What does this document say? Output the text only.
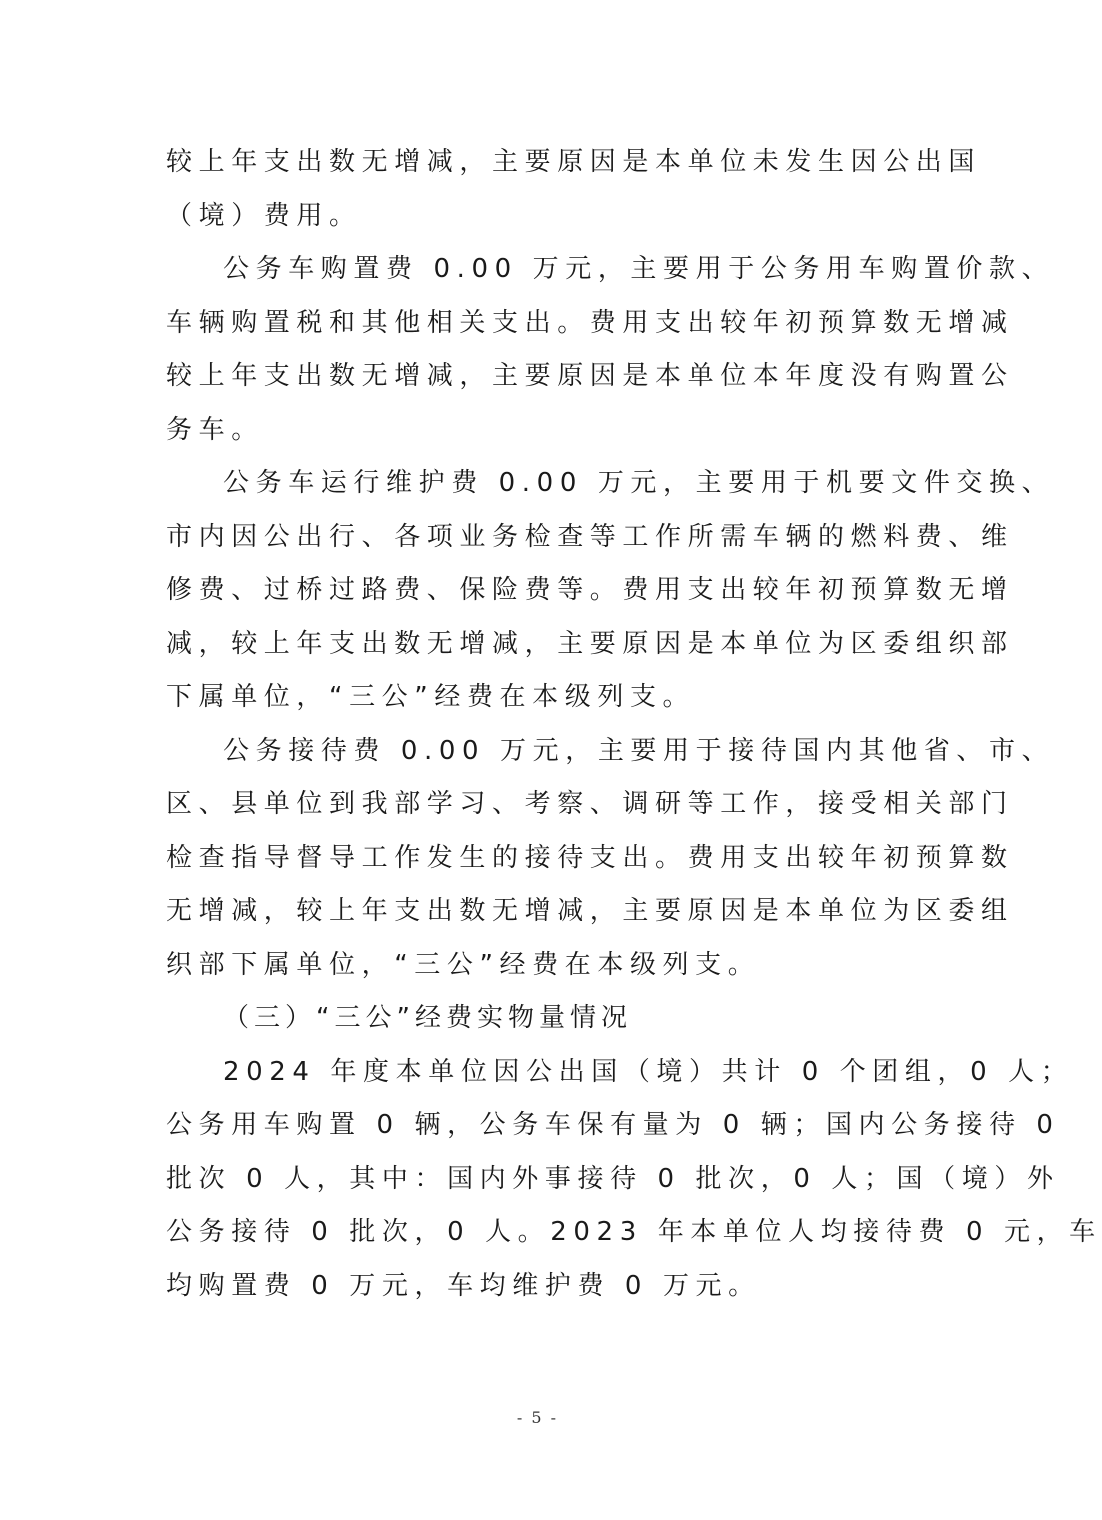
较上年支出数无增减，主要原因是本单位未发生因公出国
（境）费用。
公务车购置费 0.00 万元，主要用于公务用车购置价款、
车辆购置税和其他相关支出。费用支出较年初预算数无增减
较上年支出数无增减，主要原因是本单位本年度没有购置公
务车。
公务车运行维护费 0.00 万元，主要用于机要文件交换、
市内因公出行、各项业务检查等工作所需车辆的燃料费、维
修费、过桥过路费、保险费等。费用支出较年初预算数无增
减，较上年支出数无增减，主要原因是本单位为区委组织部
下属单位，“三公”经费在本级列支。
公务接待费 0.00 万元，主要用于接待国内其他省、市、
区、县单位到我部学习、考察、调研等工作，接受相关部门
检查指导督导工作发生的接待支出。费用支出较年初预算数
无增减，较上年支出数无增减，主要原因是本单位为区委组
织部下属单位，“三公”经费在本级列支。
（三）“三公”经费实物量情况
2024 年度本单位因公出国（境）共计 0 个团组，0 人；
公务用车购置 0 辆，公务车保有量为 0 辆；国内公务接待 0
批次 0 人，其中：国内外事接待 0 批次，0 人；国（境）外
公务接待 0 批次，0 人。2023 年本单位人均接待费 0 元，车
均购置费 0 万元，车均维护费 0 万元。
- 5 -
